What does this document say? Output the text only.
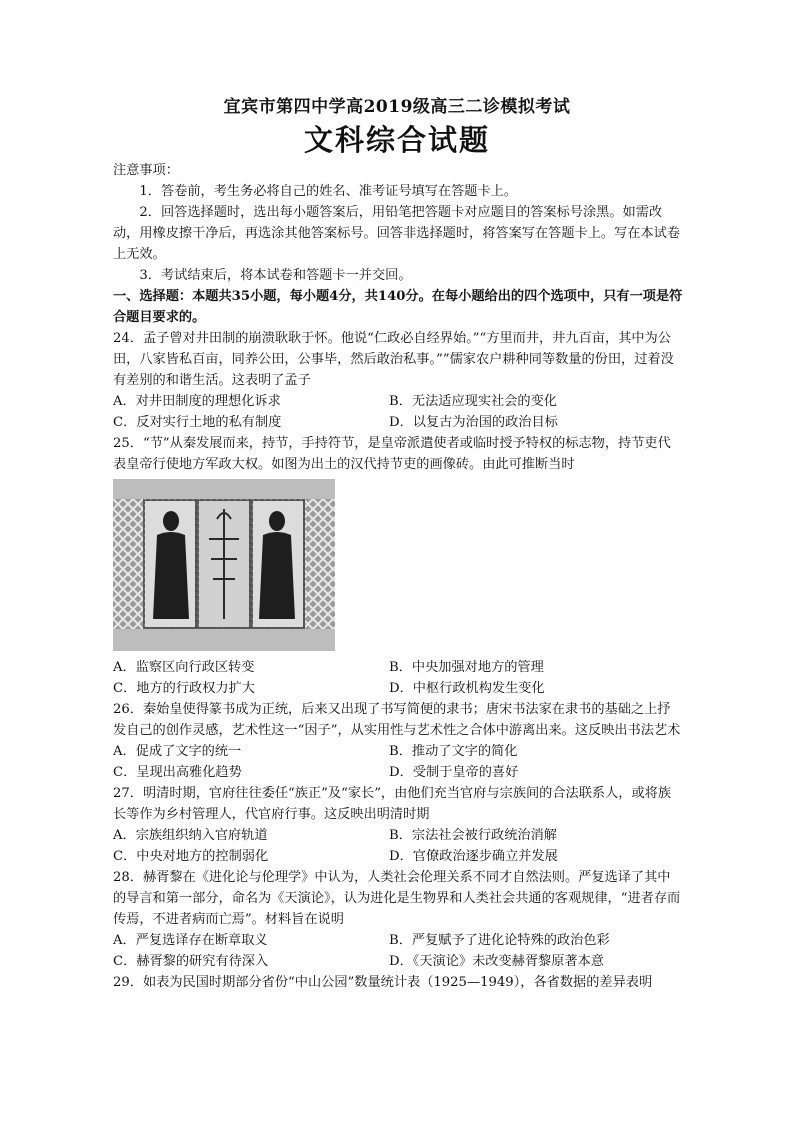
宜宾市第四中学高2019级高三二诊模拟考试
文科综合试题

注意事项：

1．答卷前，考生务必将自己的姓名、准考证号填写在答题卡上。

2．回答选择题时，选出每小题答案后，用铅笔把答题卡对应题目的答案标号涂黑。如需改动，用橡皮擦干净后，再选涂其他答案标号。回答非选择题时，将答案写在答题卡上。写在本试卷上无效。

3．考试结束后，将本试卷和答题卡一并交回。

一、选择题：本题共35小题，每小题4分，共140分。在每小题给出的四个选项中，只有一项是符合题目要求的。

24．孟子曾对井田制的崩溃耿耿于怀。他说“仁政必自经界始。”“方里而井，井九百亩，其中为公田，八家皆私百亩，同养公田，公事毕，然后敢治私事。””儒家农户耕种同等数量的份田，过着没有差别的和谐生活。这表明了孟子

A．对井田制度的理想化诉求	B．无法适应现实社会的变化
C．反对实行土地的私有制度	D．以复古为治国的政治目标

25．“节”从秦发展而来，持节，手持符节，是皇帝派遣使者或临时授予特权的标志物，持节吏代表皇帝行使地方军政大权。如图为出土的汉代持节吏的画像砖。由此可推断当时

A．监察区向行政区转变	B．中央加强对地方的管理
C．地方的行政权力扩大	D．中枢行政机构发生变化

26．秦始皇使得篆书成为正统，后来又出现了书写简便的隶书；唐宋书法家在隶书的基础之上抒发自己的创作灵感，艺术性这一“因子”，从实用性与艺术性之合体中游离出来。这反映出书法艺术

A．促成了文字的统一	B．推动了文字的简化
C．呈现出高雅化趋势	D．受制于皇帝的喜好

27．明清时期，官府往往委任“族正”及“家长”，由他们充当官府与宗族间的合法联系人，或将族长等作为乡村管理人，代官府行事。这反映出明清时期

A．宗族组织纳入官府轨道	B．宗法社会被行政统治消解
C．中央对地方的控制弱化	D．官僚政治逐步确立并发展

28．赫胥黎在《进化论与伦理学》中认为，人类社会伦理关系不同才自然法则。严复选译了其中的导言和第一部分，命名为《天演论》，认为进化是生物界和人类社会共通的客观规律，“进者存而传焉，不进者病而亡焉”。材料旨在说明

A．严复选译存在断章取义	B．严复赋予了进化论特殊的政治色彩
C．赫胥黎的研究有待深入	D．《天演论》未改变赫胥黎原著本意

29．如表为民国时期部分省份“中山公园”数量统计表（1925—1949），各省数据的差异表明
